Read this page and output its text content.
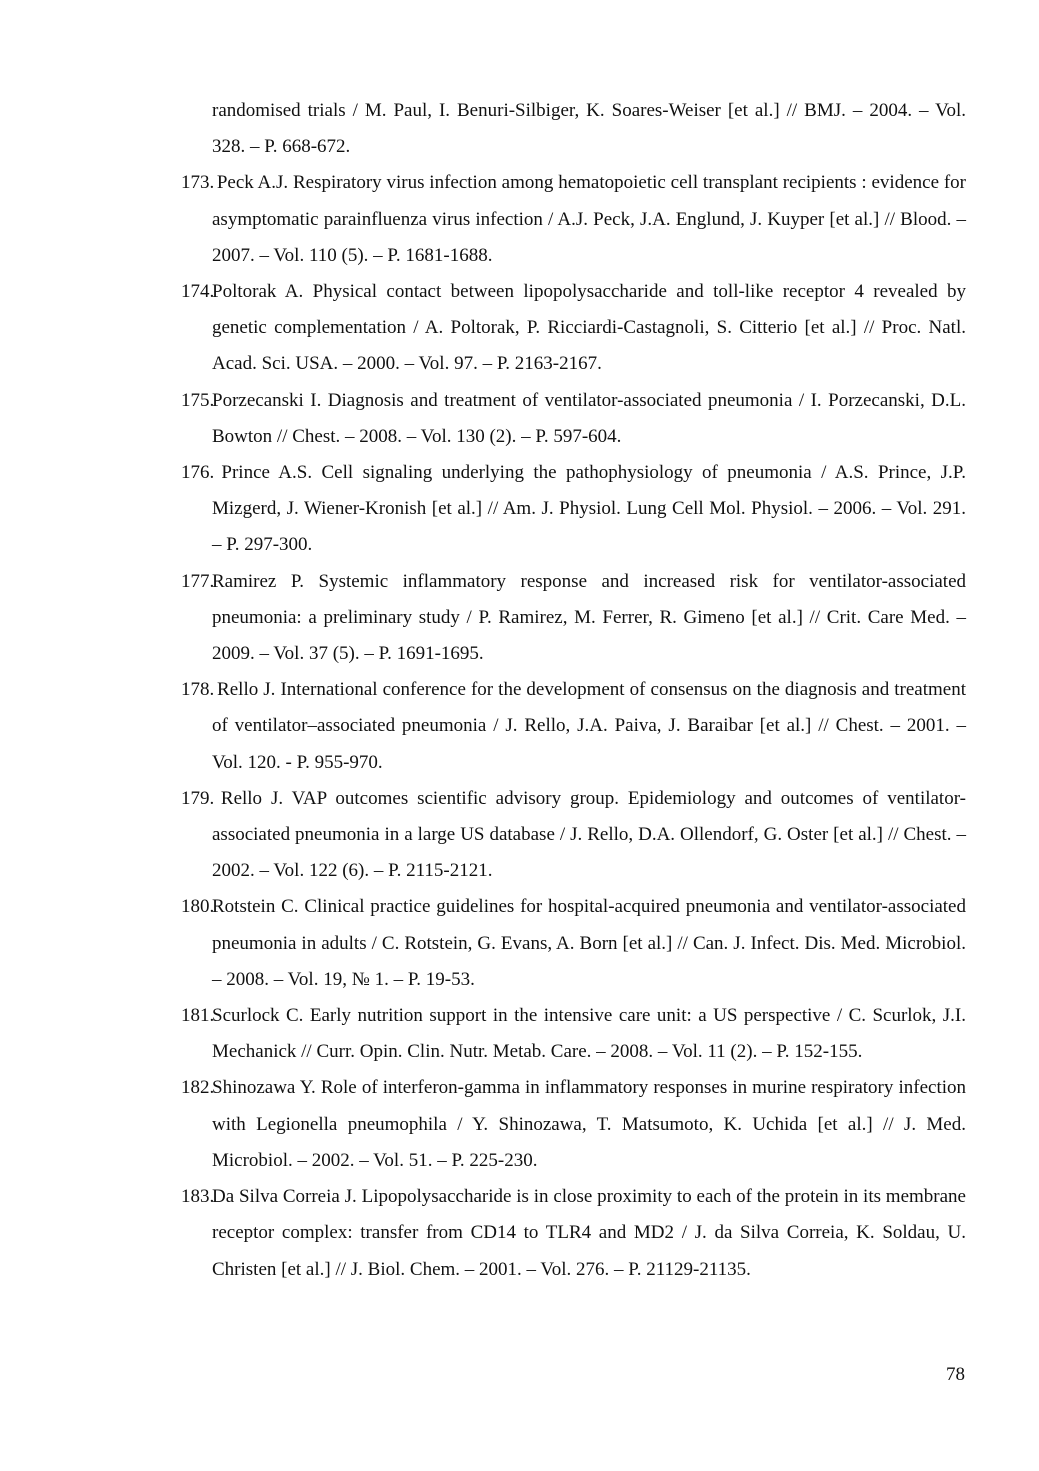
randomised trials / M. Paul, I. Benuri-Silbiger, K. Soares-Weiser [et al.] // BMJ. – 2004. – Vol. 328. – P. 668-672.

173. Peck A.J. Respiratory virus infection among hematopoietic cell transplant recipients : evidence for asymptomatic parainfluenza virus infection / A.J. Peck, J.A. Englund, J. Kuyper [et al.] // Blood. – 2007. – Vol. 110 (5). – P. 1681-1688.

174.Poltorak A. Physical contact between lipopolysaccharide and toll-like receptor 4 revealed by genetic complementation / A. Poltorak, P. Ricciardi-Castagnoli, S. Citterio [et al.] // Proc. Natl. Acad. Sci. USA. – 2000. – Vol. 97. – P. 2163-2167.

175.Porzecanski I. Diagnosis and treatment of ventilator-associated pneumonia / I. Porzecanski, D.L. Bowton // Chest. – 2008. – Vol. 130 (2). – P. 597-604.

176. Prince A.S. Cell signaling underlying the pathophysiology of pneumonia / A.S. Prince, J.P. Mizgerd, J. Wiener-Kronish [et al.] // Am. J. Physiol. Lung Cell Mol. Physiol. – 2006. – Vol. 291. – P. 297-300.

177.Ramirez P. Systemic inflammatory response and increased risk for ventilator-associated pneumonia: a preliminary study / P. Ramirez, M. Ferrer, R. Gimeno [et al.] // Crit. Care Med. – 2009. – Vol. 37 (5). – P. 1691-1695.

178. Rello J. International conference for the development of consensus on the diagnosis and treatment of ventilator–associated pneumonia / J. Rello, J.A. Paiva, J. Baraibar [et al.] // Chest. – 2001. – Vol. 120. - P. 955-970.

179. Rello J. VAP outcomes scientific advisory group. Epidemiology and outcomes of ventilator-associated pneumonia in a large US database / J. Rello, D.A. Ollendorf, G. Oster [et al.] // Chest. – 2002. – Vol. 122 (6). – P. 2115-2121.

180.Rotstein C. Clinical practice guidelines for hospital-acquired pneumonia and ventilator-associated pneumonia in adults / C. Rotstein, G. Evans, A. Born [et al.] // Can. J. Infect. Dis. Med. Microbiol. – 2008. – Vol. 19, № 1. – P. 19-53.

181.Scurlock C. Early nutrition support in the intensive care unit: a US perspective / C. Scurlok, J.I. Mechanick // Curr. Opin. Clin. Nutr. Metab. Care. – 2008. – Vol. 11 (2). – P. 152-155.

182.Shinozawa Y. Role of interferon-gamma in inflammatory responses in murine respiratory infection with Legionella pneumophila / Y. Shinozawa, T. Matsumoto, K. Uchida [et al.] // J. Med. Microbiol. – 2002. – Vol. 51. – P. 225-230.

183.Da Silva Correia J. Lipopolysaccharide is in close proximity to each of the protein in its membrane receptor complex: transfer from CD14 to TLR4 and MD2 / J. da Silva Correia, K. Soldau, U. Christen [et al.] // J. Biol. Chem. – 2001. – Vol. 276. – P. 21129-21135.

78
